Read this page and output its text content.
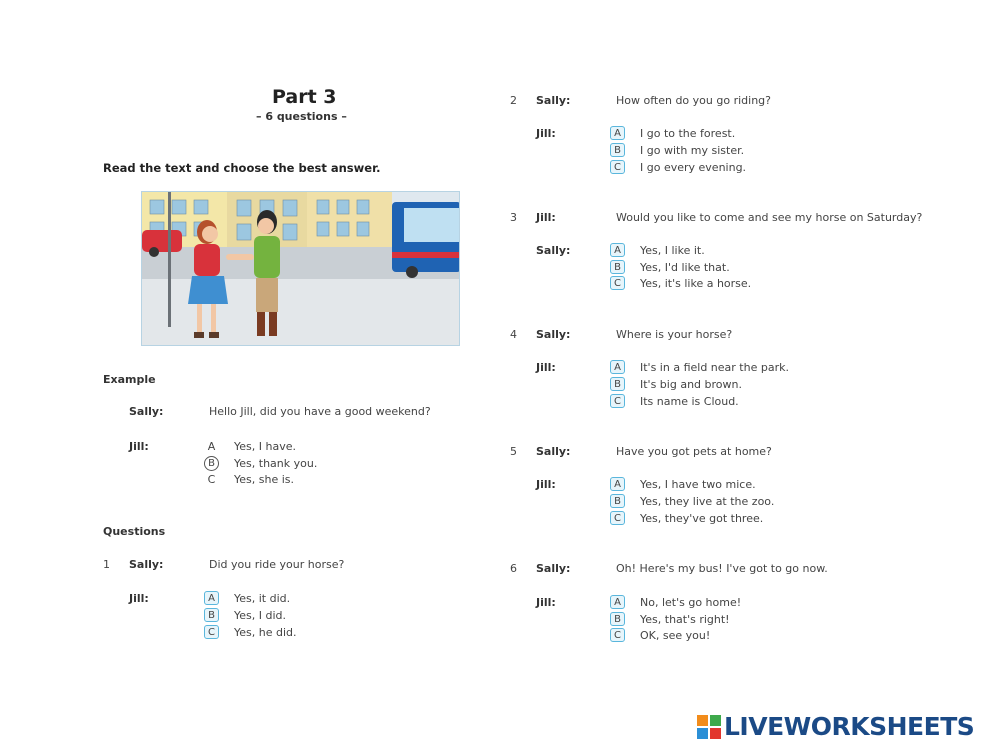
Part 3
– 6 questions –
Read the text and choose the best answer.
Example
Sally:	Hello Jill, did you have a good weekend?
Jill:	A	Yes, I have.
B	Yes, thank you.
C	Yes, she is.
Questions
1 Sally:	Did you ride your horse?
Jill:	A	Yes, it did.
B	Yes, I did.
C	Yes, he did.
2 Sally:	How often do you go riding?
Jill:	A	I go to the forest.
B	I go with my sister.
C	I go every evening.
3 Jill:	Would you like to come and see my horse on Saturday?
Sally:	A	Yes, I like it.
B	Yes, I'd like that.
C	Yes, it's like a horse.
4 Sally:	Where is your horse?
Jill:	A	It's in a field near the park.
B	It's big and brown.
C	Its name is Cloud.
5 Sally:	Have you got pets at home?
Jill:	A	Yes, I have two mice.
B	Yes, they live at the zoo.
C	Yes, they've got three.
6 Sally:	Oh! Here's my bus! I've got to go now.
Jill:	A	No, let's go home!
B	Yes, that's right!
C	OK, see you!
LIVEWORKSHEETS
